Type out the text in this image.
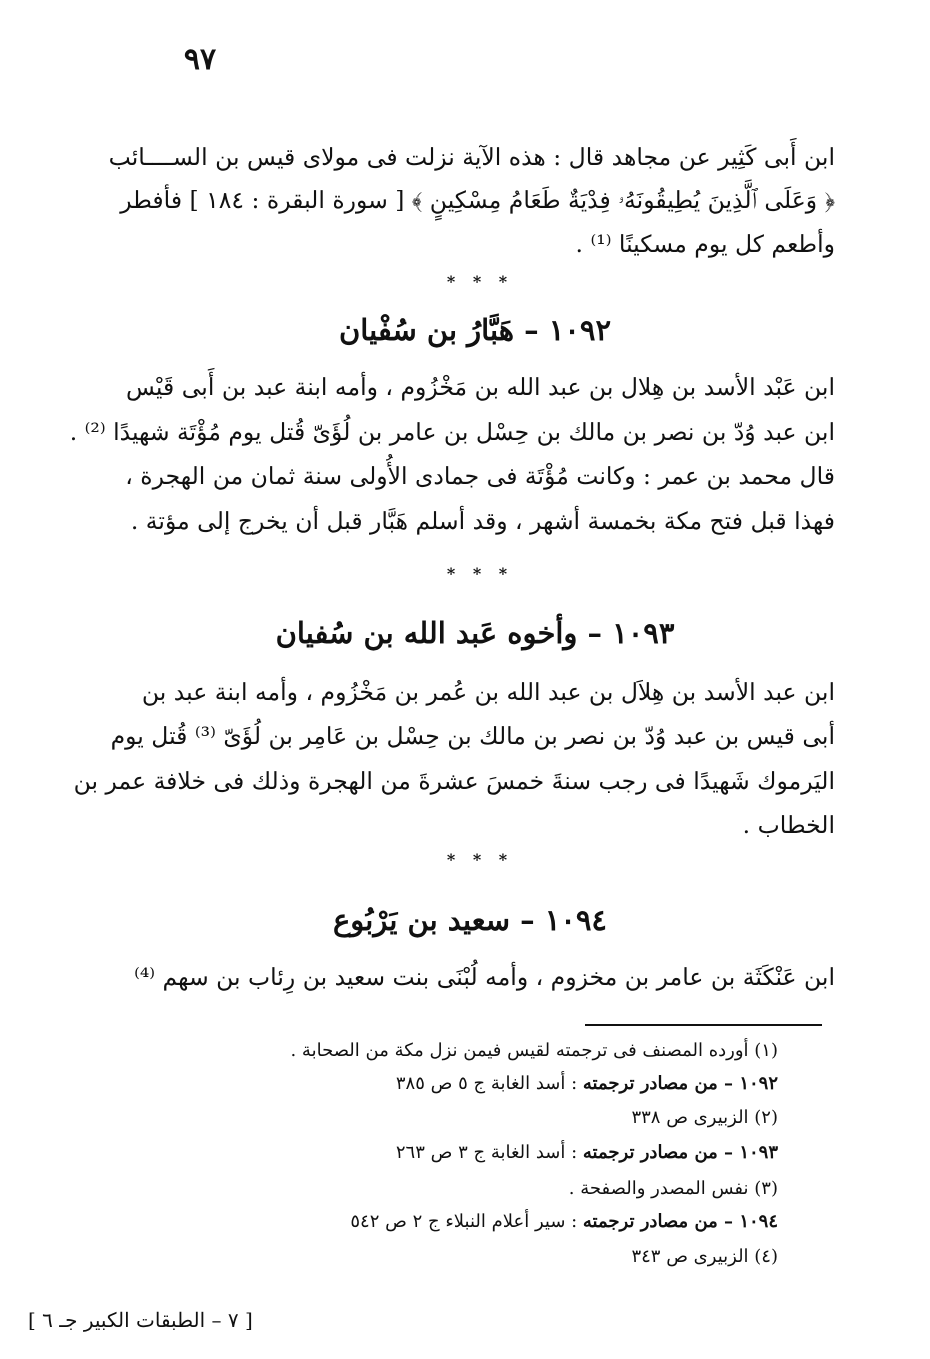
٩٧
ابن أَبى كَثِير عن مجاهد قال : هذه الآية نزلت فى مولاى قيس بن الســــائب
﴿ وَعَلَى ٱلَّذِينَ يُطِيقُونَهُۥ فِدْيَةٌ طَعَامُ مِسْكِينٍ ﴾ [ سورة البقرة : ١٨٤ ] فأفطر
وأطعم كل يوم مسكينًا ⁽¹⁾ .
* * *
١٠٩٢ – هَبَّارُ بن سُفْيان
ابن عَبْد الأسد بن هِلال بن عبد الله بن مَخْزُوم ، وأمه ابنة عبد بن أَبى قَيْس
ابن عبد وُدّ بن نصر بن مالك بن حِسْل بن عامر بن لُؤَىّ قُتل يوم مُؤْتَة شهيدًا ⁽²⁾ .
قال محمد بن عمر : وكانت مُؤْتَة فى جمادى الأُولى سنة ثمان من الهجرة ،
فهذا قبل فتح مكة بخمسة أشهر ، وقد أسلم هَبَّار قبل أن يخرج إلى مؤتة .
* * *
١٠٩٣ – وأخوه عَبد الله بن سُفيان
ابن عبد الأسد بن هِلاَل بن عبد الله بن عُمر بن مَخْزُوم ، وأمه ابنة عبد بن
أبى قيس بن عبد وُدّ بن نصر بن مالك بن حِسْل بن عَامِر بن لُؤَىّ ⁽³⁾ قُتل يوم
اليَرموك شَهيدًا فى رجب سنةَ خمسَ عشرةَ من الهجرة وذلك فى خلافة عمر بن
الخطاب .
* * *
١٠٩٤ – سعيد بن يَرْبُوع
ابن عَنْكَثَة بن عامر بن مخزوم ، وأمه لُبْنَى بنت سعيد بن رِئاب بن سهم ⁽⁴⁾
(١) أورده المصنف فى ترجمته لقيس فيمن نزل مكة من الصحابة .
١٠٩٢ – من مصادر ترجمته : أسد الغابة ج ٥ ص ٣٨٥
(٢) الزبيرى ص ٣٣٨
١٠٩٣ – من مصادر ترجمته : أسد الغابة ج ٣ ص ٢٦٣
(٣) نفس المصدر والصفحة .
١٠٩٤ – من مصادر ترجمته : سير أعلام النبلاء ج ٢ ص ٥٤٢
(٤) الزبيرى ص ٣٤٣
[ ٧ – الطبقات الكبير جـ ٦ ]
